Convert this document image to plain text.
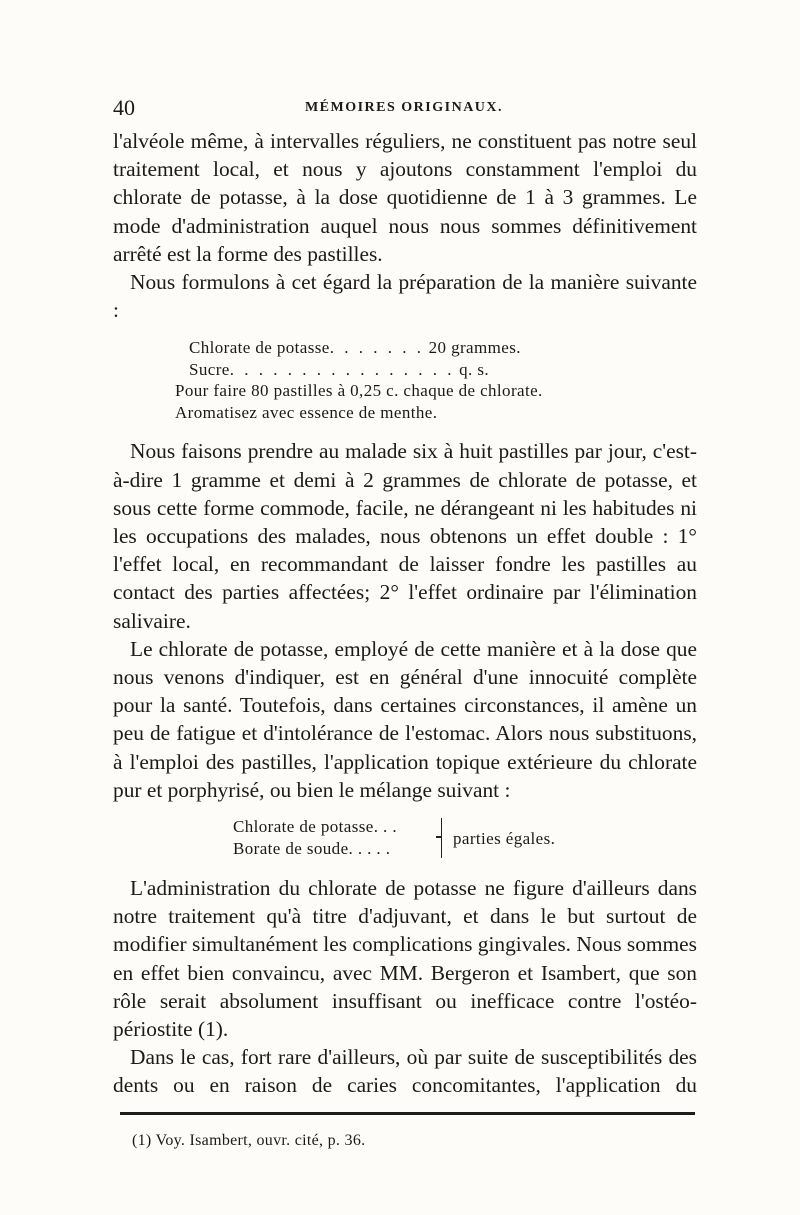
40	MÉMOIRES ORIGINAUX.

l'alvéole même, à intervalles réguliers, ne constituent pas notre seul traitement local, et nous y ajoutons constamment l'emploi du chlorate de potasse, à la dose quotidienne de 1 à 3 grammes. Le mode d'administration auquel nous nous sommes définitivement arrêté est la forme des pastilles.

Nous formulons à cet égard la préparation de la manière suivante :

Chlorate de potasse. . . . . . . 20 grammes.
Sucre. . . . . . . . . . . . . . . . q. s.
Pour faire 80 pastilles à 0,25 c. chaque de chlorate.
Aromatisez avec essence de menthe.

Nous faisons prendre au malade six à huit pastilles par jour, c'est-à-dire 1 gramme et demi à 2 grammes de chlorate de potasse, et sous cette forme commode, facile, ne dérangeant ni les habitudes ni les occupations des malades, nous obtenons un effet double : 1° l'effet local, en recommandant de laisser fondre les pastilles au contact des parties affectées; 2° l'effet ordinaire par l'élimination salivaire.

Le chlorate de potasse, employé de cette manière et à la dose que nous venons d'indiquer, est en général d'une innocuité complète pour la santé. Toutefois, dans certaines circonstances, il amène un peu de fatigue et d'intolérance de l'estomac. Alors nous substituons, à l'emploi des pastilles, l'application topique extérieure du chlorate pur et porphyrisé, ou bien le mélange suivant :

Chlorate de potasse. . .
Borate de soude. . . . .	parties égales.

L'administration du chlorate de potasse ne figure d'ailleurs dans notre traitement qu'à titre d'adjuvant, et dans le but surtout de modifier simultanément les complications gingivales. Nous sommes en effet bien convaincu, avec MM. Bergeron et Isambert, que son rôle serait absolument insuffisant ou inefficace contre l'ostéo-périostite (1).

Dans le cas, fort rare d'ailleurs, où par suite de susceptibilités des dents ou en raison de caries concomitantes, l'application du

(1) Voy. Isambert, ouvr. cité, p. 36.
